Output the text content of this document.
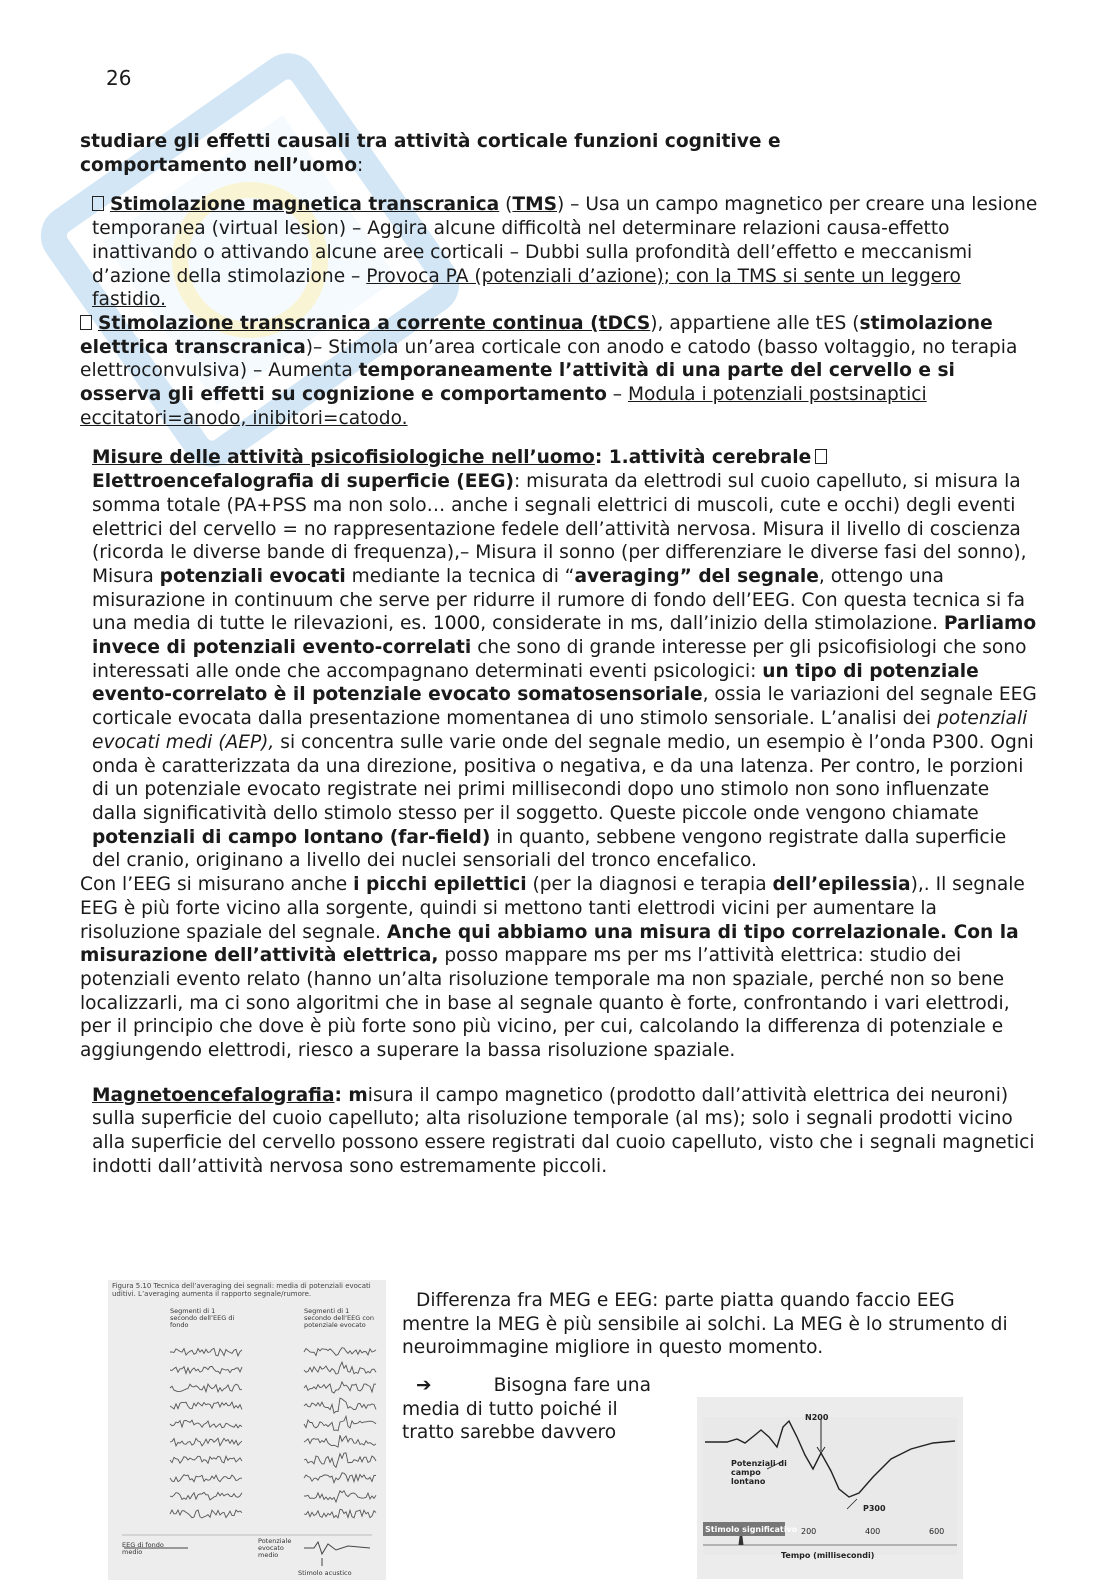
26

studiare gli effetti causali tra attività corticale funzioni cognitive e
comportamento nell’uomo:

Stimolazione magnetica transcranica (TMS) – Usa un campo magnetico per creare una lesione temporanea (virtual lesion) – Aggira alcune difficoltà nel determinare relazioni causa-effetto inattivando o attivando alcune aree corticali – Dubbi sulla profondità dell’effetto e meccanismi d’azione della stimolazione – Provoca PA (potenziali d’azione); con la TMS si sente un leggero fastidio.

Stimolazione transcranica a corrente continua (tDCS), appartiene alle tES (stimolazione elettrica transcranica)– Stimola un’area corticale con anodo e catodo (basso voltaggio, no terapia elettroconvulsiva) – Aumenta temporaneamente l’attività di una parte del cervello e si osserva gli effetti su cognizione e comportamento – Modula i potenziali postsinaptici eccitatori=anodo, inibitori=catodo.

Misure delle attività psicofisiologiche nell’uomo: 1.attività cerebraleElettroencefalografia di superficie (EEG): misurata da elettrodi sul cuoio capelluto, si misura la somma totale (PA+PSS ma non solo… anche i segnali elettrici di muscoli, cute e occhi) degli eventi elettrici del cervello = no rappresentazione fedele dell’attività nervosa. Misura il livello di coscienza (ricorda le diverse bande di frequenza),– Misura il sonno (per differenziare le diverse fasi del sonno), Misura potenziali evocati mediante la tecnica di “averaging” del segnale, ottengo una misurazione in continuum che serve per ridurre il rumore di fondo dell’EEG. Con questa tecnica si fa una media di tutte le rilevazioni, es. 1000, considerate in ms, dall’inizio della stimolazione. Parliamo invece di potenziali evento-correlati che sono di grande interesse per gli psicofisiologi che sono interessati alle onde che accompagnano determinati eventi psicologici: un tipo di potenziale evento-correlato è il potenziale evocato somatosensoriale, ossia le variazioni del segnale EEG corticale evocata dalla presentazione momentanea di uno stimolo sensoriale. L’analisi dei potenziali evocati medi (AEP), si concentra sulle varie onde del segnale medio, un esempio è l’onda P300. Ogni onda è caratterizzata da una direzione, positiva o negativa, e da una latenza. Per contro, le porzioni di un potenziale evocato registrate nei primi millisecondi dopo uno stimolo non sono influenzate dalla significatività dello stimolo stesso per il soggetto. Queste piccole onde vengono chiamate potenziali di campo lontano (far-field) in quanto, sebbene vengono registrate dalla superficie del cranio, originano a livello dei nuclei sensoriali del tronco encefalico.

Con l’EEG si misurano anche i picchi epilettici (per la diagnosi e terapia dell’epilessia),. Il segnale EEG è più forte vicino alla sorgente, quindi si mettono tanti elettrodi vicini per aumentare la risoluzione spaziale del segnale. Anche qui abbiamo una misura di tipo correlazionale. Con la misurazione dell’attività elettrica, posso mappare ms per ms l’attività elettrica: studio dei potenziali evento relato (hanno un’alta risoluzione temporale ma non spaziale, perché non so bene localizzarli, ma ci sono algoritmi che in base al segnale quanto è forte, confrontando i vari elettrodi, per il principio che dove è più forte sono più vicino, per cui, calcolando la differenza di potenziale e aggiungendo elettrodi, riesco a superare la bassa risoluzione spaziale.

Magnetoencefalografia: misura il campo magnetico (prodotto dall’attività elettrica dei neuroni) sulla superficie del cuoio capelluto; alta risoluzione temporale (al ms); solo i segnali prodotti vicino alla superficie del cervello possono essere registrati dal cuoio capelluto, visto che i segnali magnetici indotti dall’attività nervosa sono estremamente piccoli.

Figura 5.10 Tecnica dell’averaging dei segnali: media di potenziali evocati uditivi. L’averaging aumenta il rapporto segnale/rumore.
Segmenti di 1 secondo dell’EEG di fondo
Segmenti di 1 secondo dell’EEG con potenziale evocato
EEG di fondo medio
Potenziale evocato medio
Stimolo acustico
Differenza fra MEG e EEG: parte piatta quando faccio EEG mentre la MEG è più sensibile ai solchi. La MEG è lo strumento di neuroimmagine migliore in questo momento.
➔	Bisogna fare una
media di tutto poiché il
tratto sarebbe davvero
N200
P300
Potenziali di campo lontano
Stimolo significativo 200	400	600
Tempo (millisecondi)
